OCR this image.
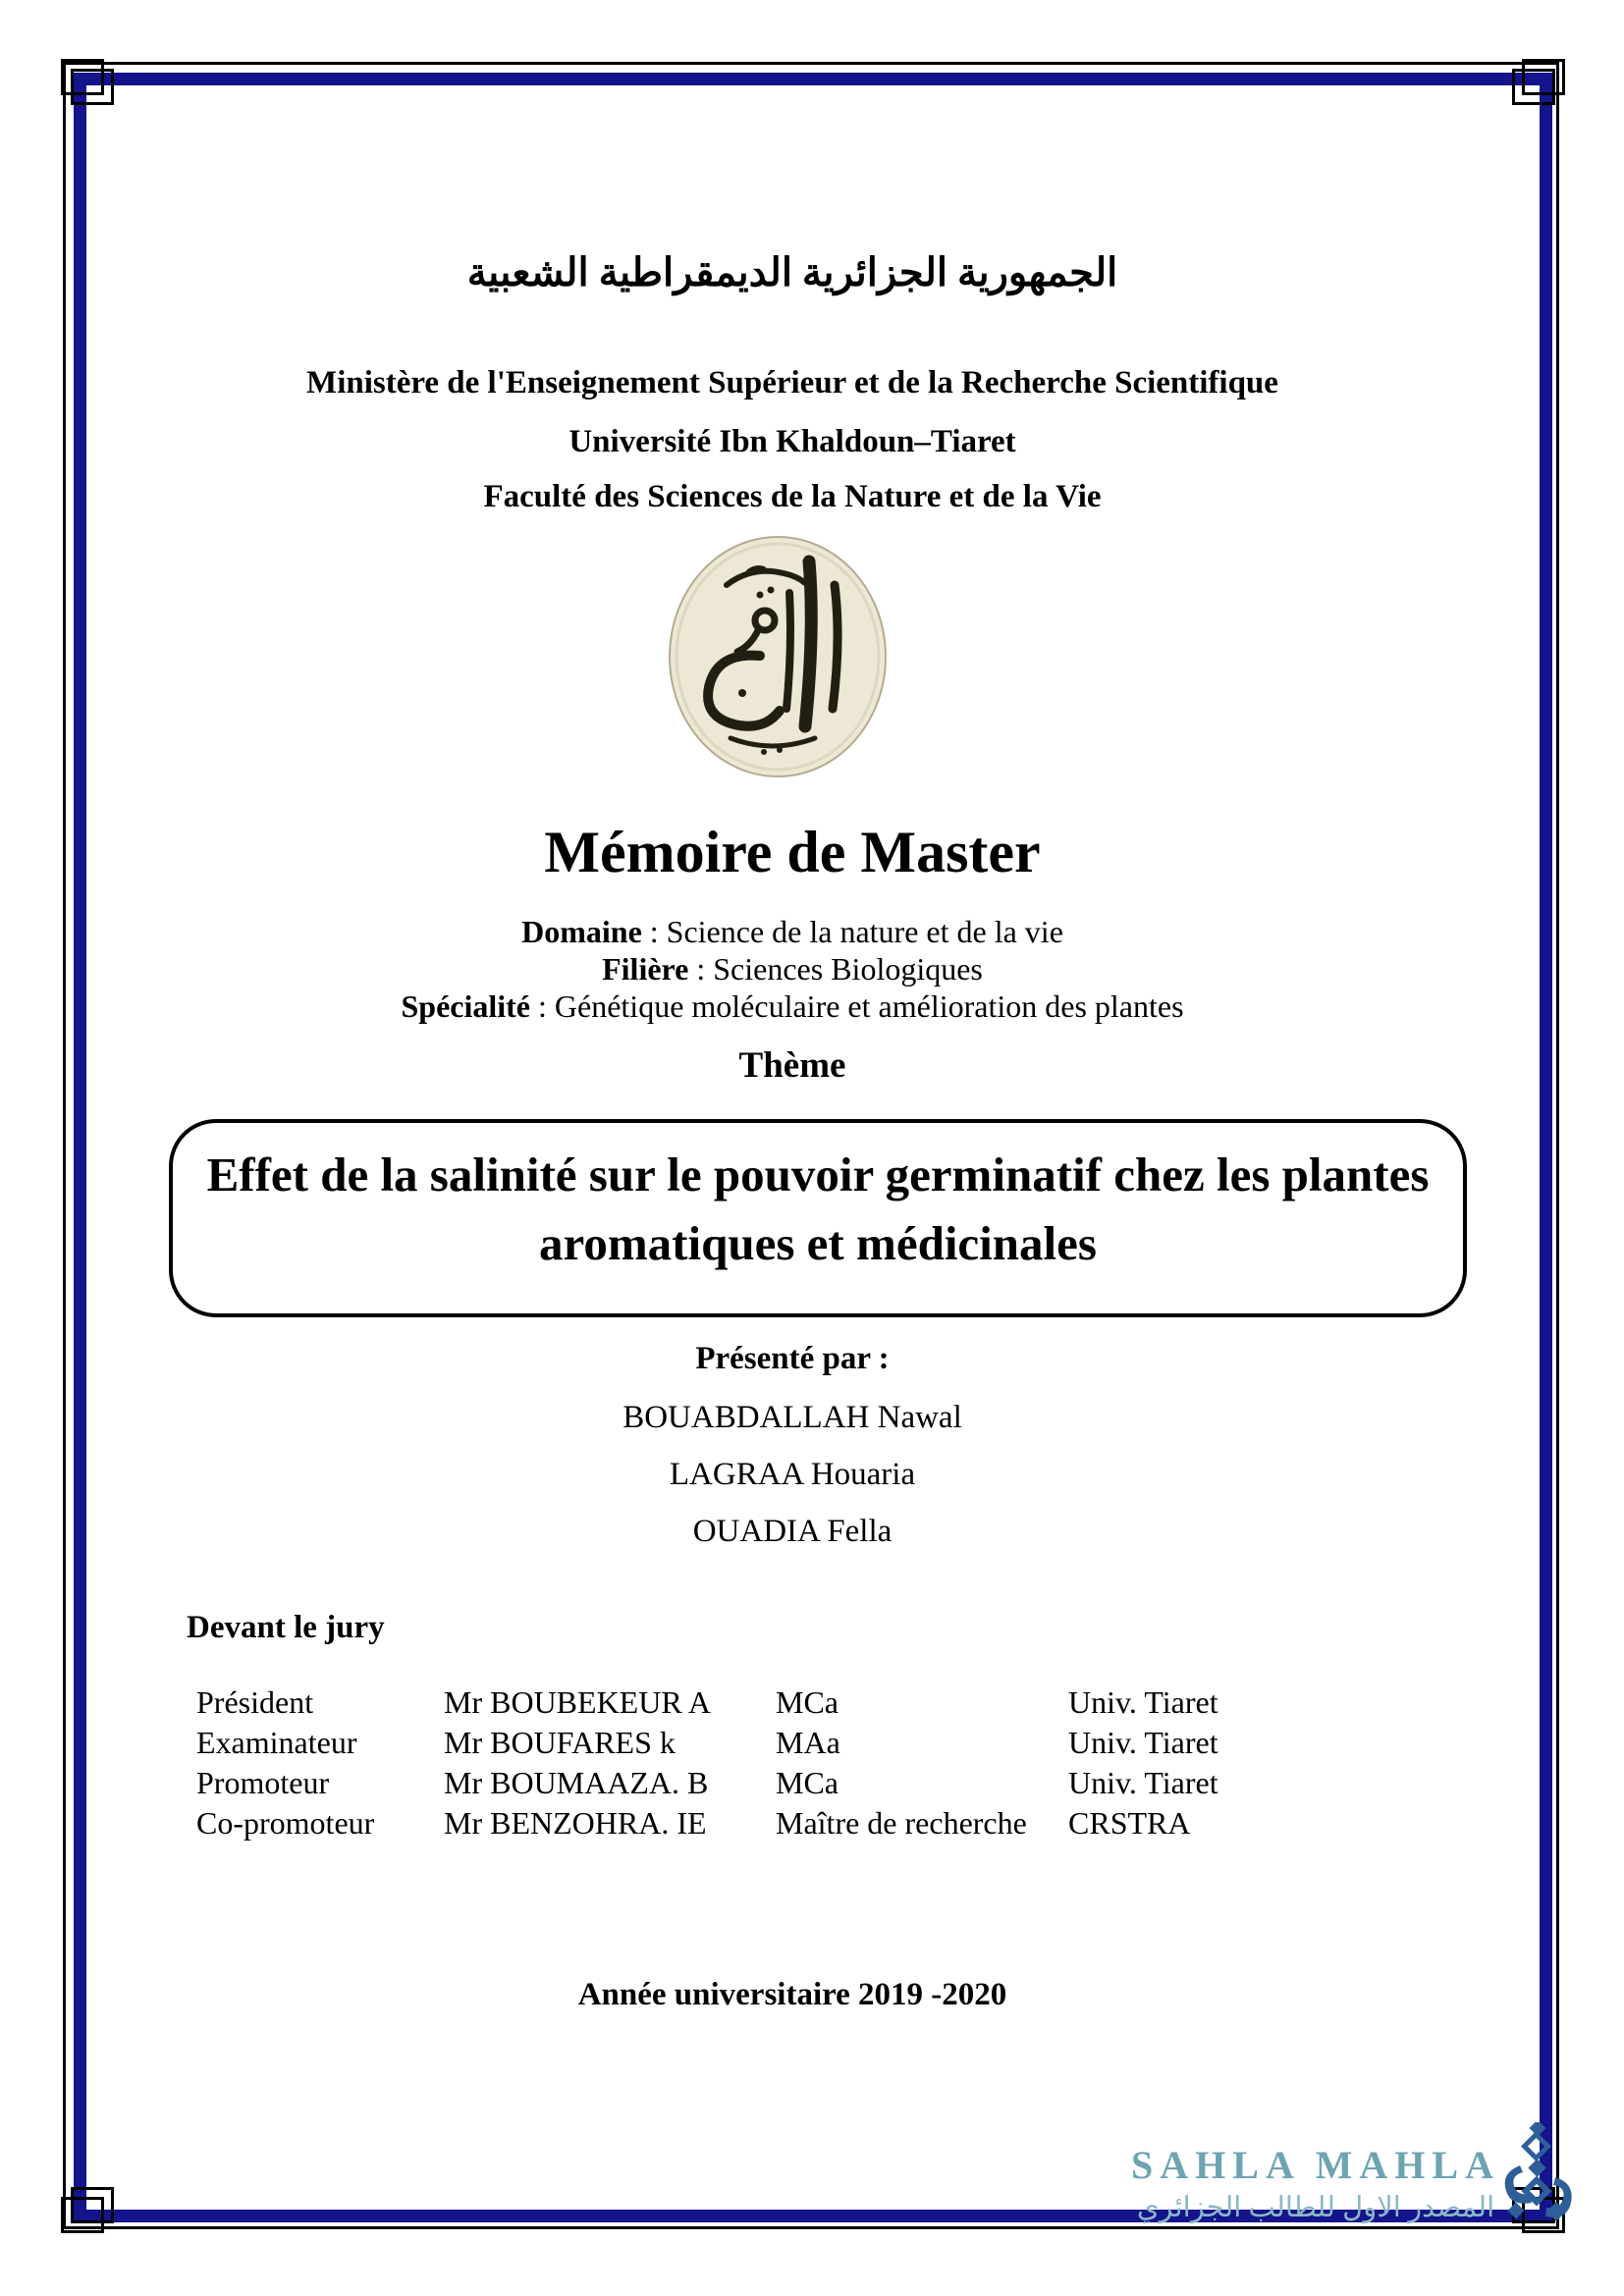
الجمهورية الجزائرية الديمقراطية الشعبية
Ministère de l'Enseignement Supérieur et de la Recherche Scientifique
Université Ibn Khaldoun–Tiaret
Faculté des Sciences de la Nature et de la Vie
Mémoire de Master
Domaine : Science de la nature et de la vie
Filière : Sciences Biologiques
Spécialité : Génétique moléculaire et amélioration des plantes
Thème
Effet de la salinité sur le pouvoir germinatif chez les plantes aromatiques et médicinales
Présenté par :
BOUABDALLAH Nawal
LAGRAA Houaria
OUADIA Fella
Devant le jury
Président	Mr BOUBEKEUR A	MCa	Univ. Tiaret
Examinateur	Mr BOUFARES k	MAa	Univ. Tiaret
Promoteur	Mr BOUMAAZA. B	MCa	Univ. Tiaret
Co-promoteur	Mr BENZOHRA. IE	Maître de recherche	CRSTRA
Année universitaire 2019 -2020
SAHLA MAHLA
المصدر الاول للطالب الجزائري
